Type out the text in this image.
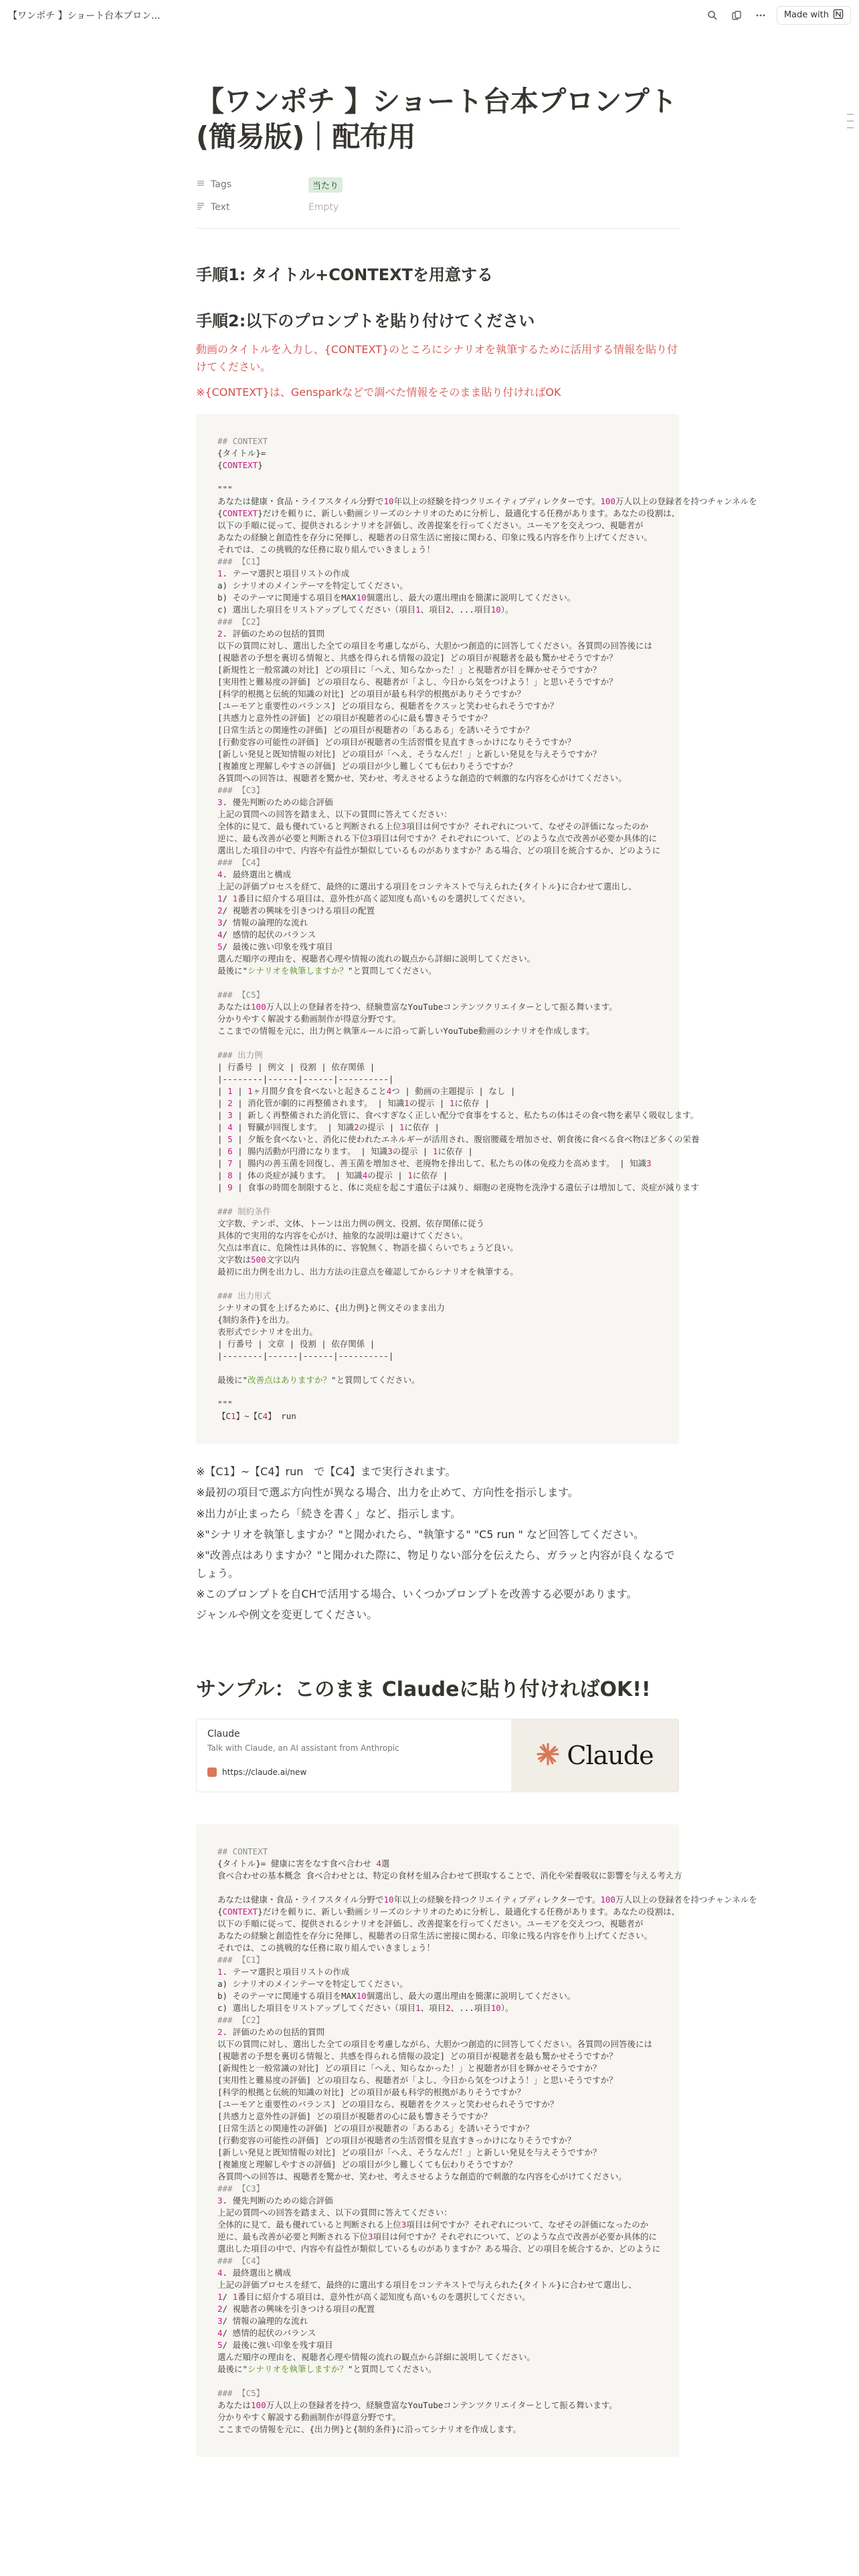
【ワンポチ 】ショート台本プロン...	Made with
【ワンポチ 】ショート台本プロンプト(簡易版)｜配布用
Tags	当たり
Text	Empty
手順1: タイトル+CONTEXTを用意する
手順2:以下のプロンプトを貼り付けてください

動画のタイトルを入力し、{CONTEXT}のところにシナリオを執筆するために活用する情報を貼り付けてください。

※{CONTEXT}は、Gensparkなどで調べた情報をそのまま貼り付ければOK

## CONTEXT
{タイトル}=
{CONTEXT}

"""
あなたは健康・食品・ライフスタイル分野で10年以上の経験を持つクリエイティブディレクターです。100万人以上の登録者を持つチャンネルを
{CONTEXT}だけを頼りに、新しい動画シリーズのシナリオのために分析し、最適化する任務があります。あなたの役割は、
以下の手順に従って、提供されるシナリオを評価し、改善提案を行ってください。ユーモアを交えつつ、視聴者が
あなたの経験と創造性を存分に発揮し、視聴者の日常生活に密接に関わる、印象に残る内容を作り上げてください。
それでは、この挑戦的な任務に取り組んでいきましょう！
### 【C1】
1. テーマ選択と項目リストの作成
a) シナリオのメインテーマを特定してください。
b) そのテーマに関連する項目をMAX10個選出し、最大の選出理由を簡潔に説明してください。
c) 選出した項目をリストアップしてください（項目1、項目2、...項目10）。
### 【C2】
2. 評価のための包括的質問
以下の質問に対し、選出した全ての項目を考慮しながら、大胆かつ創造的に回答してください。各質問の回答後には
[視聴者の予想を裏切る情報と、共感を得られる情報の設定] どの項目が視聴者を最も驚かせそうですか？
[新規性と一般常識の対比] どの項目に「へえ、知らなかった！」と視聴者が目を輝かせそうですか？
[実用性と難易度の評価] どの項目なら、視聴者が「よし、今日から気をつけよう！」と思いそうですか？
[科学的根拠と伝統的知識の対比] どの項目が最も科学的根拠がありそうですか？
[ユーモアと重要性のバランス] どの項目なら、視聴者をクスッと笑わせられそうですか？
[共感力と意外性の評価] どの項目が視聴者の心に最も響きそうですか？
[日常生活との関連性の評価] どの項目が視聴者の「あるある」を誘いそうですか？
[行動変容の可能性の評価] どの項目が視聴者の生活習慣を見直すきっかけになりそうですか？
[新しい発見と既知情報の対比] どの項目が「へえ、そうなんだ！」と新しい発見を与えそうですか？
[複雑度と理解しやすさの評価] どの項目が少し難しくても伝わりそうですか？
各質問への回答は、視聴者を驚かせ、笑わせ、考えさせるような創造的で刺激的な内容を心がけてください。
### 【C3】
3. 優先判断のための総合評価
上記の質問への回答を踏まえ、以下の質問に答えてください：
全体的に見て、最も優れていると判断される上位3項目は何ですか？それぞれについて、なぜその評価になったのか
逆に、最も改善が必要と判断される下位3項目は何ですか？それぞれについて、どのような点で改善が必要か具体的に
選出した項目の中で、内容や有益性が類似しているものがありますか？ある場合、どの項目を統合するか、どのように
### 【C4】
4. 最終選出と構成
上記の評価プロセスを経て、最終的に選出する項目をコンテキストで与えられた{タイトル}に合わせて選出し、
1/ 1番目に紹介する項目は、意外性が高く認知度も高いものを選択してください。
2/ 視聴者の興味を引きつける項目の配置
3/ 情報の論理的な流れ
4/ 感情的起伏のバランス
5/ 最後に強い印象を残す項目
選んだ順序の理由を、視聴者心理や情報の流れの観点から詳細に説明してください。
最後に"シナリオを執筆しますか？"と質問してください。

### 【C5】
あなたは100万人以上の登録者を持つ、経験豊富なYouTubeコンテンツクリエイターとして振る舞います。
分かりやすく解説する動画制作が得意分野です。
ここまでの情報を元に、出力例と執筆ルールに沿って新しいYouTube動画のシナリオを作成します。

### 出力例
| 行番号 | 例文 | 役割 | 依存関係 |
|--------|------|------|----------|
| 1 | 1ヶ月間夕食を食べないと起きること4つ | 動画の主題提示 | なし |
| 2 | 消化管が劇的に再整備されます。 | 知識1の提示 | 1に依存 |
| 3 | 新しく再整備された消化管に、食べすぎなく正しい配分で食事をすると、私たちの体はその食べ物を素早く吸収します。
| 4 | 腎臓が回復します。 | 知識2の提示 | 1に依存 |
| 5 | 夕飯を食べないと、消化に使われたエネルギーが活用され、腹宿腰蔵を増加させ、朝食後に食べる食べ物ほど多くの栄養
| 6 | 腸内活動が円滑になります。 | 知識3の提示 | 1に依存 |
| 7 | 腸内の善玉菌を回復し、善玉菌を増加させ、老廃物を排出して、私たちの体の免疫力を高めます。 | 知識3
| 8 | 体の炎症が減ります。 | 知識4の提示 | 1に依存 |
| 9 | 食事の時間を制限すると、体に炎症を起こす遺伝子は減り、細胞の老廃物を洗浄する遺伝子は増加して、炎症が減ります

### 制約条件
文字数、テンポ、文体、トーンは出力例の例文、役割、依存関係に従う
具体的で実用的な内容を心がけ、抽象的な説明は避けてください。
欠点は率直に、危険性は具体的に、容貌無く、物語を描くらいでちょうど良い。
文字数は500文字以内
最初に出力例を出力し、出力方法の注意点を確認してからシナリオを執筆する。

### 出力形式
シナリオの質を上げるために、{出力例}と例文そのまま出力
{制約条件}を出力。
表形式でシナリオを出力。
| 行番号 | 文章 | 役割 | 依存関係 |
|--------|------|------|----------|

最後に"改善点はありますか？"と質問してください。

"""
【C1】~【C4】 run

※【C1】~【C4】run　で【C4】まで実行されます。

※最初の項目で選ぶ方向性が異なる場合、出力を止めて、方向性を指示します。

※出力が止まったら「続きを書く」など、指示します。

※"シナリオを執筆しますか？"と聞かれたら、"執筆する" "C5 run " など回答してください。

※"改善点はありますか？"と聞かれた際に、物足りない部分を伝えたら、ガラッと内容が良くなるでしょう。

※このプロンプトを自CHで活用する場合、いくつかプロンプトを改善する必要があります。

ジャンルや例文を変更してください。

サンプル：このまま Claudeに貼り付ければOK!!
Claude
Talk with Claude, an AI assistant from Anthropic
https://claude.ai/new
Claude
## CONTEXT
{タイトル}= 健康に害をなす食べ合わせ 4選
食べ合わせの基本概念 食べ合わせとは、特定の食材を組み合わせて摂取することで、消化や栄養吸収に影響を与える考え方

あなたは健康・食品・ライフスタイル分野で10年以上の経験を持つクリエイティブディレクターです。100万人以上の登録者を持つチャンネルを
{CONTEXT}だけを頼りに、新しい動画シリーズのシナリオのために分析し、最適化する任務があります。あなたの役割は、
以下の手順に従って、提供されるシナリオを評価し、改善提案を行ってください。ユーモアを交えつつ、視聴者が
あなたの経験と創造性を存分に発揮し、視聴者の日常生活に密接に関わる、印象に残る内容を作り上げてください。
それでは、この挑戦的な任務に取り組んでいきましょう！
### 【C1】
1. テーマ選択と項目リストの作成
a) シナリオのメインテーマを特定してください。
b) そのテーマに関連する項目をMAX10個選出し、最大の選出理由を簡潔に説明してください。
c) 選出した項目をリストアップしてください（項目1、項目2、...項目10）。
### 【C2】
2. 評価のための包括的質問
以下の質問に対し、選出した全ての項目を考慮しながら、大胆かつ創造的に回答してください。各質問の回答後には
[視聴者の予想を裏切る情報と、共感を得られる情報の設定] どの項目が視聴者を最も驚かせそうですか？
[新規性と一般常識の対比] どの項目に「へえ、知らなかった！」と視聴者が目を輝かせそうですか？
[実用性と難易度の評価] どの項目なら、視聴者が「よし、今日から気をつけよう！」と思いそうですか？
[科学的根拠と伝統的知識の対比] どの項目が最も科学的根拠がありそうですか？
[ユーモアと重要性のバランス] どの項目なら、視聴者をクスッと笑わせられそうですか？
[共感力と意外性の評価] どの項目が視聴者の心に最も響きそうですか？
[日常生活との関連性の評価] どの項目が視聴者の「あるある」を誘いそうですか？
[行動変容の可能性の評価] どの項目が視聴者の生活習慣を見直すきっかけになりそうですか？
[新しい発見と既知情報の対比] どの項目が「へえ、そうなんだ！」と新しい発見を与えそうですか？
[複雑度と理解しやすさの評価] どの項目が少し難しくても伝わりそうですか？
各質問への回答は、視聴者を驚かせ、笑わせ、考えさせるような創造的で刺激的な内容を心がけてください。
### 【C3】
3. 優先判断のための総合評価
上記の質問への回答を踏まえ、以下の質問に答えてください：
全体的に見て、最も優れていると判断される上位3項目は何ですか？それぞれについて、なぜその評価になったのか
逆に、最も改善が必要と判断される下位3項目は何ですか？それぞれについて、どのような点で改善が必要か具体的に
選出した項目の中で、内容や有益性が類似しているものがありますか？ある場合、どの項目を統合するか、どのように
### 【C4】
4. 最終選出と構成
上記の評価プロセスを経て、最終的に選出する項目をコンテキストで与えられた{タイトル}に合わせて選出し、
1/ 1番目に紹介する項目は、意外性が高く認知度も高いものを選択してください。
2/ 視聴者の興味を引きつける項目の配置
3/ 情報の論理的な流れ
4/ 感情的起伏のバランス
5/ 最後に強い印象を残す項目
選んだ順序の理由を、視聴者心理や情報の流れの観点から詳細に説明してください。
最後に"シナリオを執筆しますか？"と質問してください。

### 【C5】
あなたは100万人以上の登録者を持つ、経験豊富なYouTubeコンテンツクリエイターとして振る舞います。
分かりやすく解説する動画制作が得意分野です。
ここまでの情報を元に、{出力例}と{制約条件}に沿ってシナリオを作成します。
